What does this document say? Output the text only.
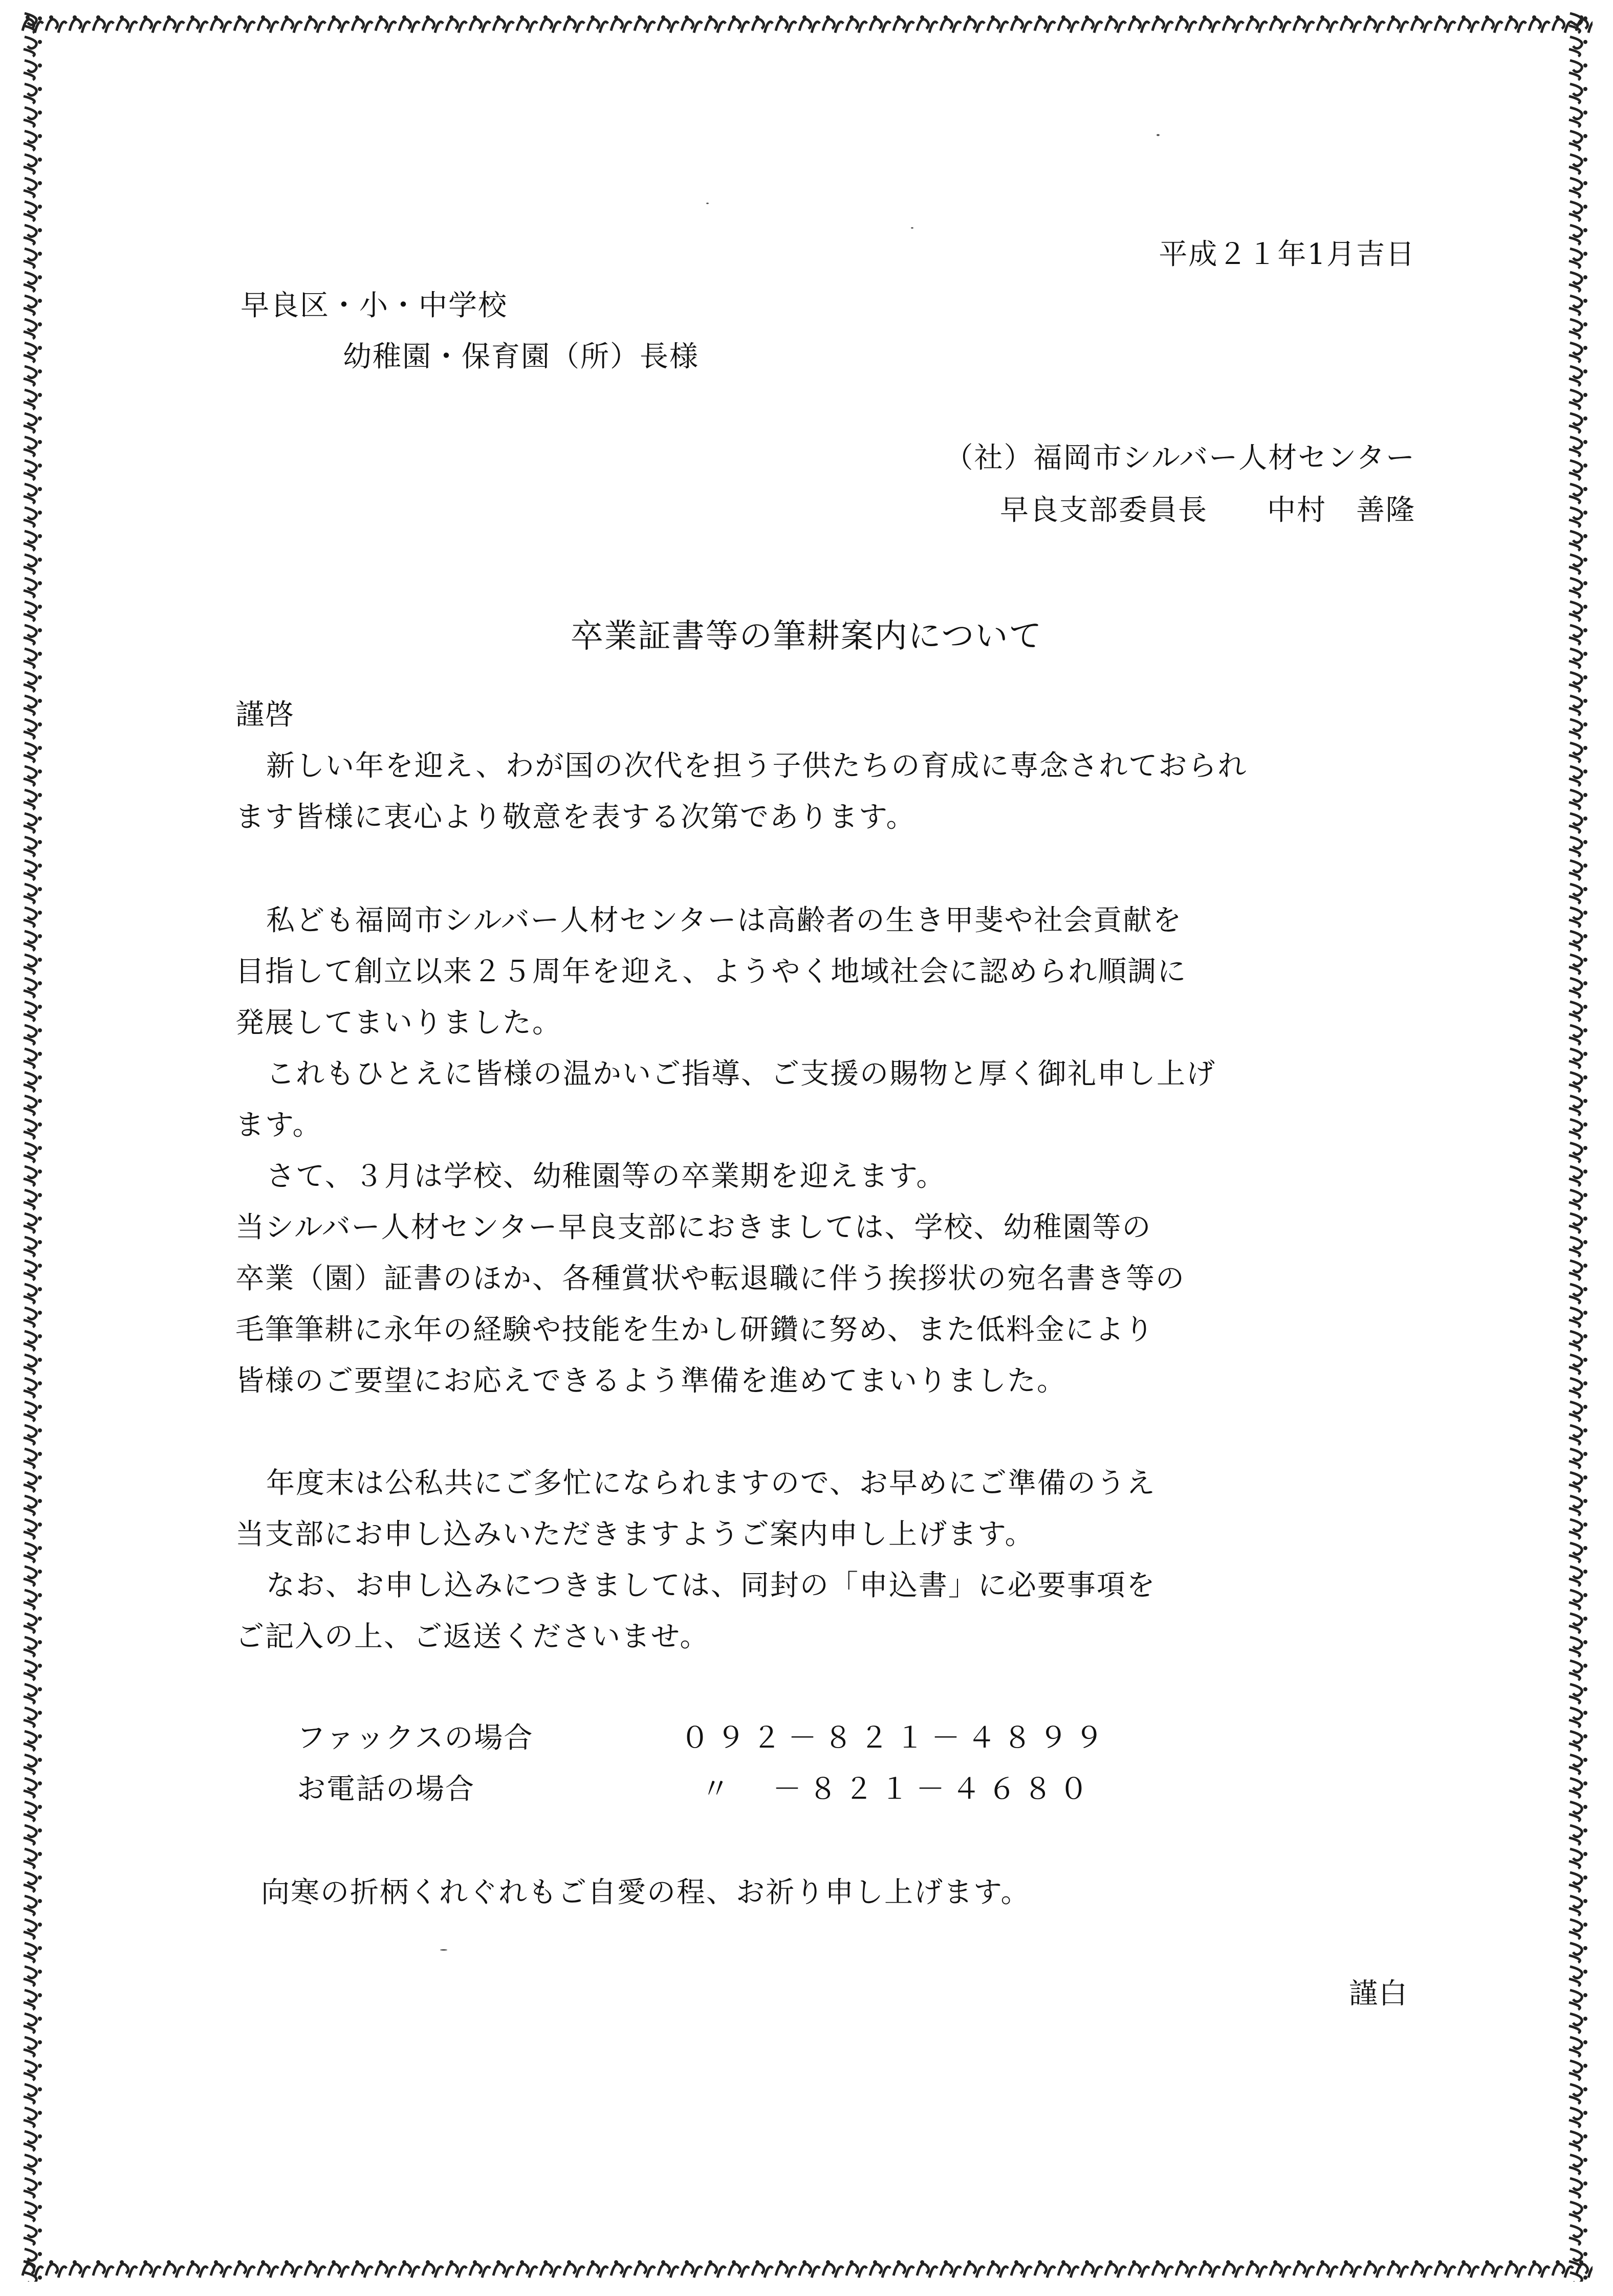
平成２１年1月吉日
早良区・小・中学校
幼稚園・保育園（所）長様
（社）福岡市シルバー人材センター
早良支部委員長　　中村　善隆
卒業証書等の筆耕案内について
謹啓
新しい年を迎え、わが国の次代を担う子供たちの育成に専念されておられ
ます皆様に衷心より敬意を表する次第であります。
私ども福岡市シルバー人材センターは高齢者の生き甲斐や社会貢献を
目指して創立以来２５周年を迎え、ようやく地域社会に認められ順調に
発展してまいりました。
これもひとえに皆様の温かいご指導、ご支援の賜物と厚く御礼申し上げ
ます。
さて、３月は学校、幼稚園等の卒業期を迎えます。
当シルバー人材センター早良支部におきましては、学校、幼稚園等の
卒業（園）証書のほか、各種賞状や転退職に伴う挨拶状の宛名書き等の
毛筆筆耕に永年の経験や技能を生かし研鑽に努め、また低料金により
皆様のご要望にお応えできるよう準備を進めてまいりました。
年度末は公私共にご多忙になられますので、お早めにご準備のうえ
当支部にお申し込みいただきますようご案内申し上げます。
なお、お申し込みにつきましては、同封の「申込書」に必要事項を
ご記入の上、ご返送くださいませ。
ファックスの場合	０９２－８２１－４８９９
お電話の場合	〃　－８２１－４６８０
向寒の折柄くれぐれもご自愛の程、お祈り申し上げます。
謹白
